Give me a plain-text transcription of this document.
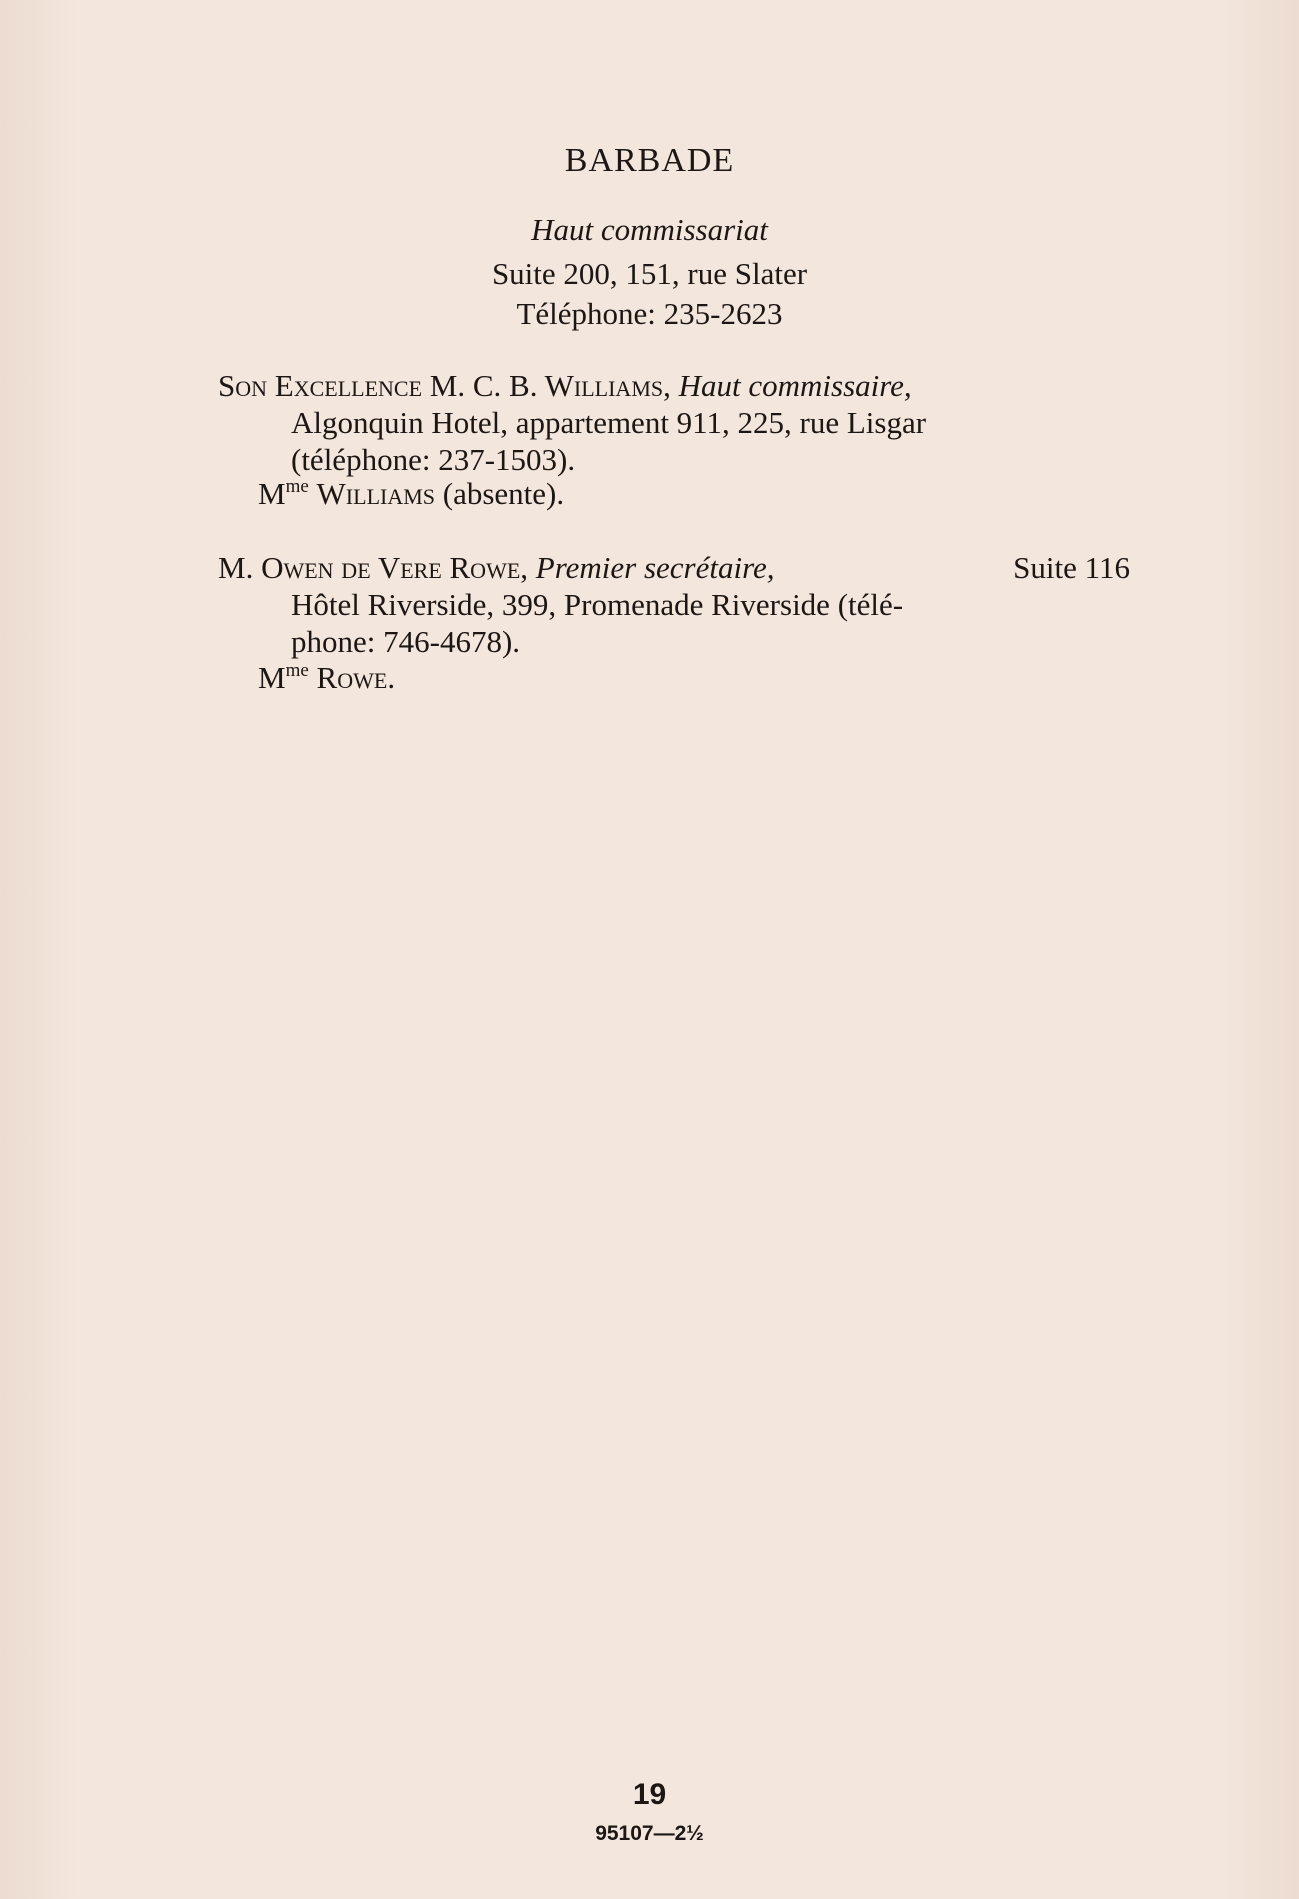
BARBADE
Haut commissariat
Suite 200, 151, rue Slater
Téléphone: 235-2623
Son Excellence M. C. B. Williams, Haut commissaire,
Algonquin Hotel, appartement 911, 225, rue Lisgar
(téléphone: 237-1503).
$M^{me}$ Williams (absente).
M. Owen de Vere Rowe, Premier secrétaire,	Suite 116
Hôtel Riverside, 399, Promenade Riverside (télé-
phone: 746-4678).
$M^{me}$ Rowe.
19
95107—2½
